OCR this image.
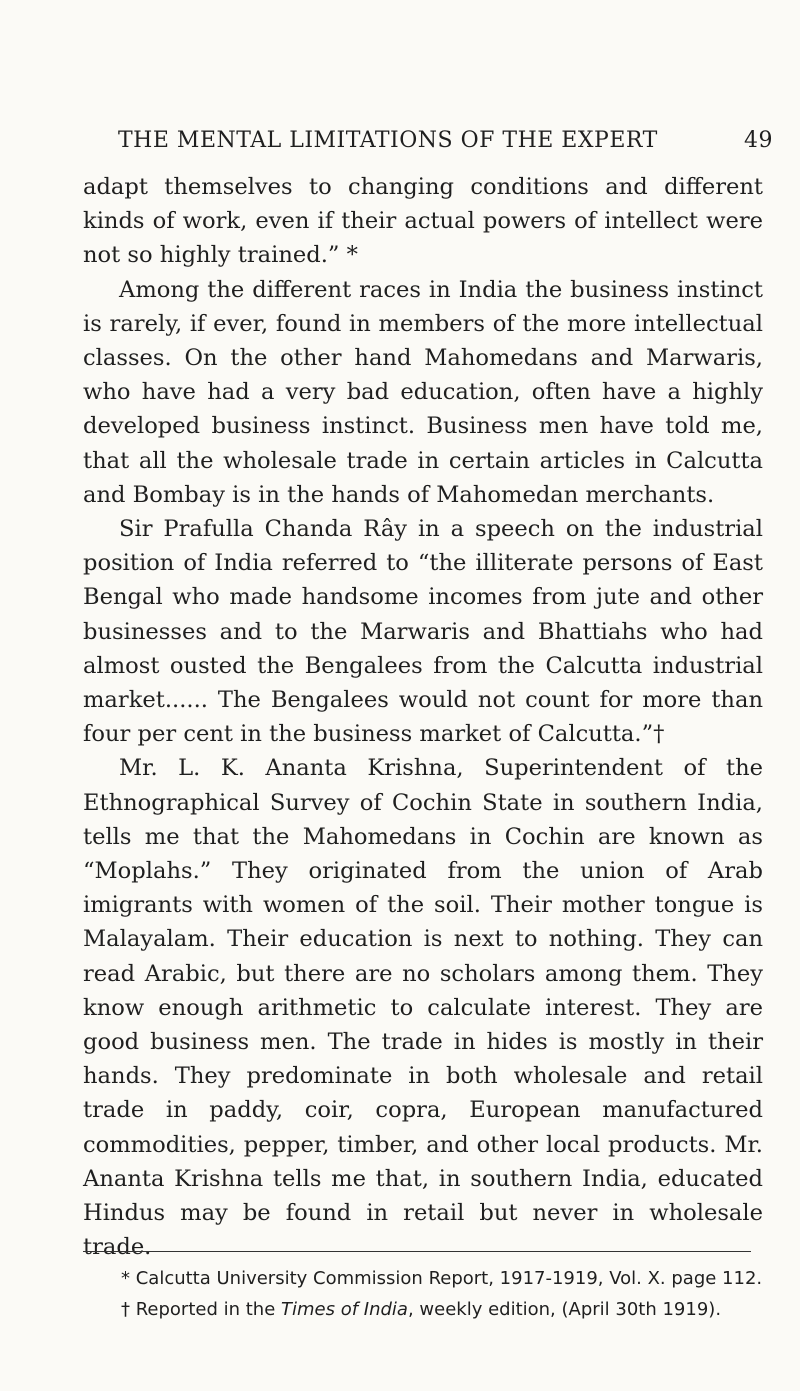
THE MENTAL LIMITATIONS OF THE EXPERT	49

adapt themselves to changing conditions and different kinds of work, even if their actual powers of intellect were not so highly trained.” *

Among the different races in India the business instinct is rarely, if ever, found in members of the more intellectual classes. On the other hand Mahomedans and Marwaris, who have had a very bad education, often have a highly developed business instinct. Business men have told me, that all the wholesale trade in certain articles in Calcutta and Bombay is in the hands of Mahomedan merchants.

Sir Prafulla Chanda Rây in a speech on the industrial position of India referred to “the illiterate persons of East Bengal who made handsome incomes from jute and other businesses and to the Marwaris and Bhattiahs who had almost ousted the Bengalees from the Calcutta industrial market...... The Bengalees would not count for more than four per cent in the business market of Calcutta.”†

Mr. L. K. Ananta Krishna, Superintendent of the Ethnographical Survey of Cochin State in southern India, tells me that the Mahomedans in Cochin are known as “Moplahs.” They originated from the union of Arab imigrants with women of the soil. Their mother tongue is Malayalam. Their education is next to nothing. They can read Arabic, but there are no scholars among them. They know enough arithmetic to calculate interest. They are good business men. The trade in hides is mostly in their hands. They predominate in both wholesale and retail trade in paddy, coir, copra, European manufactured commodities, pepper, timber, and other local products. Mr. Ananta Krishna tells me that, in southern India, educated Hindus may be found in retail but never in wholesale trade.

* Calcutta University Commission Report, 1917-1919, Vol. X. page 112.

† Reported in the Times of India, weekly edition, (April 30th 1919).
